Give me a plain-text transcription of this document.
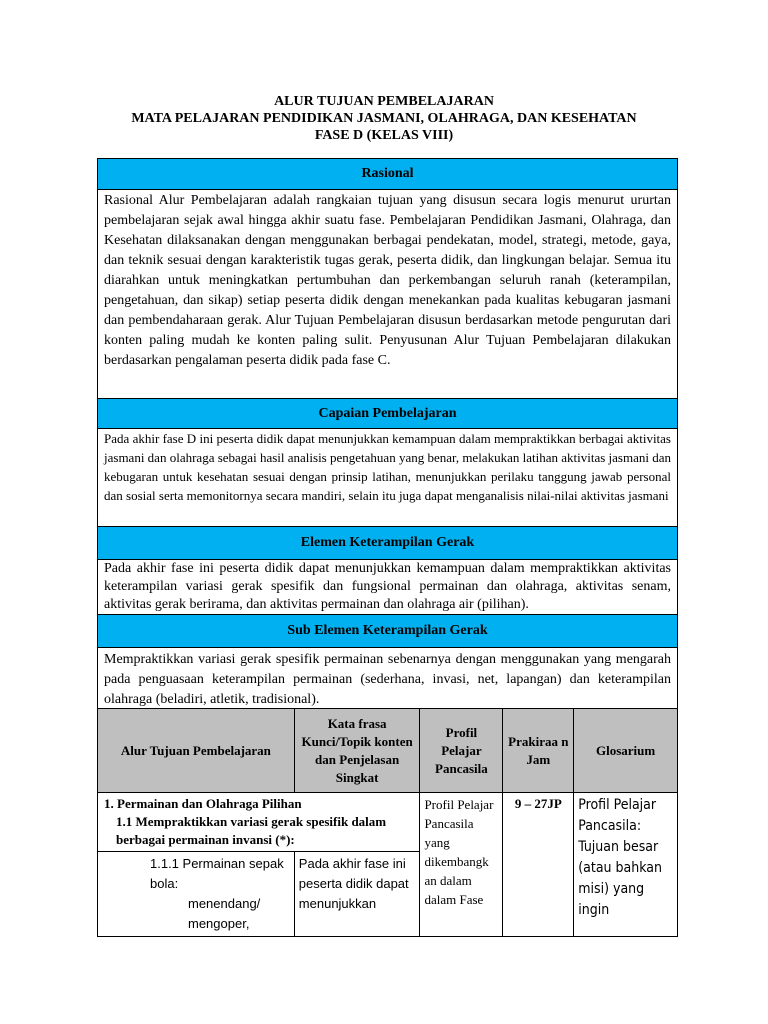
ALUR TUJUAN PEMBELAJARAN
MATA PELAJARAN PENDIDIKAN JASMANI, OLAHRAGA, DAN KESEHATAN
FASE D (KELAS VIII)
Rasional
Rasional Alur Pembelajaran adalah rangkaian tujuan yang disusun secara logis menurut ururtan pembelajaran sejak awal hingga akhir suatu fase. Pembelajaran Pendidikan Jasmani, Olahraga, dan Kesehatan dilaksanakan dengan menggunakan berbagai pendekatan, model, strategi, metode, gaya, dan teknik sesuai dengan karakteristik tugas gerak, peserta didik, dan lingkungan belajar. Semua itu diarahkan untuk meningkatkan pertumbuhan dan perkembangan seluruh ranah (keterampilan, pengetahuan, dan sikap) setiap peserta didik dengan menekankan pada kualitas kebugaran jasmani dan pembendaharaan gerak. Alur Tujuan Pembelajaran disusun berdasarkan metode pengurutan dari konten paling mudah ke konten paling sulit. Penyusunan Alur Tujuan Pembelajaran dilakukan berdasarkan pengalaman peserta didik pada fase C.
Capaian Pembelajaran
Pada akhir fase D ini peserta didik dapat menunjukkan kemampuan dalam mempraktikkan berbagai aktivitas jasmani dan olahraga sebagai hasil analisis pengetahuan yang benar, melakukan latihan aktivitas jasmani dan kebugaran untuk kesehatan sesuai dengan prinsip latihan, menunjukkan perilaku tanggung jawab personal dan sosial serta memonitornya secara mandiri, selain itu juga dapat menganalisis nilai-nilai aktivitas jasmani
Elemen Keterampilan Gerak
Pada akhir fase ini peserta didik dapat menunjukkan kemampuan dalam mempraktikkan aktivitas keterampilan variasi gerak spesifik dan fungsional permainan dan olahraga, aktivitas senam, aktivitas gerak berirama, dan aktivitas permainan dan olahraga air (pilihan).
Sub Elemen Keterampilan Gerak
Mempraktikkan variasi gerak spesifik permainan sebenarnya dengan menggunakan yang mengarah pada penguasaan keterampilan permainan (sederhana, invasi, net, lapangan) dan keterampilan olahraga (beladiri, atletik, tradisional).
Alur Tujuan Pembelajaran	Kata frasa Kunci/Topik konten dan Penjelasan Singkat	Profil Pelajar Pancasila	Prakiraa n Jam	Glosarium

1. Permainan dan Olahraga Pilihan
1.1 Mempraktikkan variasi gerak spesifik dalam berbagai permainan invansi (*):		Profil Pelajar Pancasila yang dikembangk an dalam dalam Fase	9 – 27JP	Profil Pelajar Pancasila: Tujuan besar (atau bahkan misi) yang ingin

1.1.1 Permainan sepak bola:
menendang/ mengoper,	Pada akhir fase ini peserta didik dapat menunjukkan			
